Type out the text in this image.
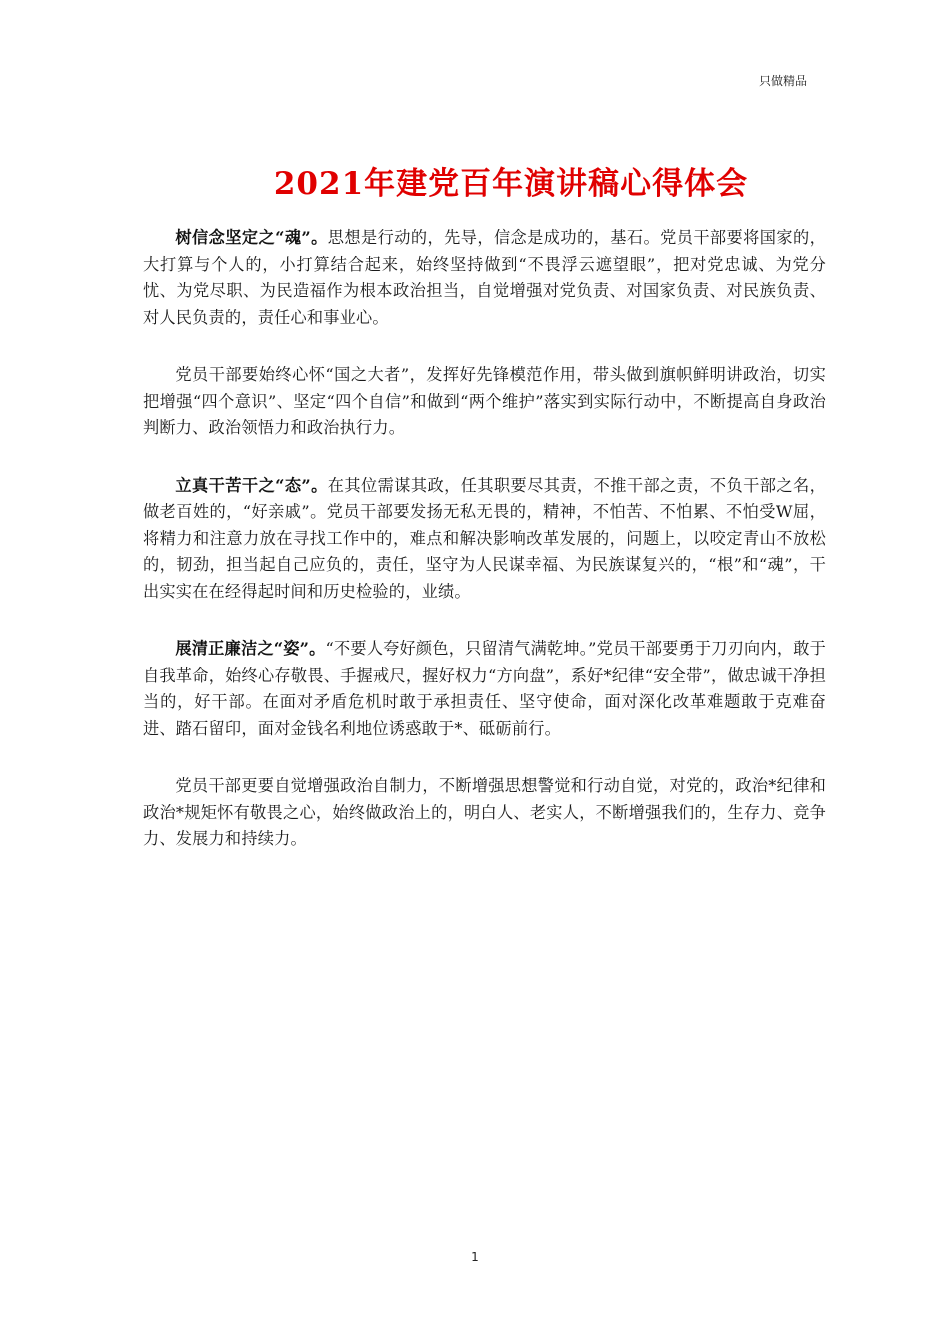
只做精品
2021年建党百年演讲稿心得体会

树信念坚定之“魂”。思想是行动的，先导，信念是成功的，基石。党员干部要将国家的，大打算与个人的，小打算结合起来，始终坚持做到“不畏浮云遮望眼”，把对党忠诚、为党分忧、为党尽职、为民造福作为根本政治担当，自觉增强对党负责、对国家负责、对民族负责、对人民负责的，责任心和事业心。

党员干部要始终心怀“国之大者”，发挥好先锋模范作用，带头做到旗帜鲜明讲政治，切实把增强“四个意识”、坚定“四个自信”和做到“两个维护”落实到实际行动中，不断提高自身政治判断力、政治领悟力和政治执行力。

立真干苦干之“态”。在其位需谋其政，任其职要尽其责，不推干部之责，不负干部之名，做老百姓的，“好亲戚”。党员干部要发扬无私无畏的，精神，不怕苦、不怕累、不怕受W屈，将精力和注意力放在寻找工作中的，难点和解决影响改革发展的，问题上，以咬定青山不放松的，韧劲，担当起自己应负的，责任，坚守为人民谋幸福、为民族谋复兴的，“根”和“魂”，干出实实在在经得起时间和历史检验的，业绩。

展清正廉洁之“姿”。“不要人夸好颜色，只留清气满乾坤。”党员干部要勇于刀刃向内，敢于自我革命，始终心存敬畏、手握戒尺，握好权力“方向盘”，系好*纪律“安全带”，做忠诚干净担当的，好干部。在面对矛盾危机时敢于承担责任、坚守使命，面对深化改革难题敢于克难奋进、踏石留印，面对金钱名利地位诱惑敢于*、砥砺前行。

党员干部更要自觉增强政治自制力，不断增强思想警觉和行动自觉，对党的，政治*纪律和政治*规矩怀有敬畏之心，始终做政治上的，明白人、老实人，不断增强我们的，生存力、竞争力、发展力和持续力。

1
